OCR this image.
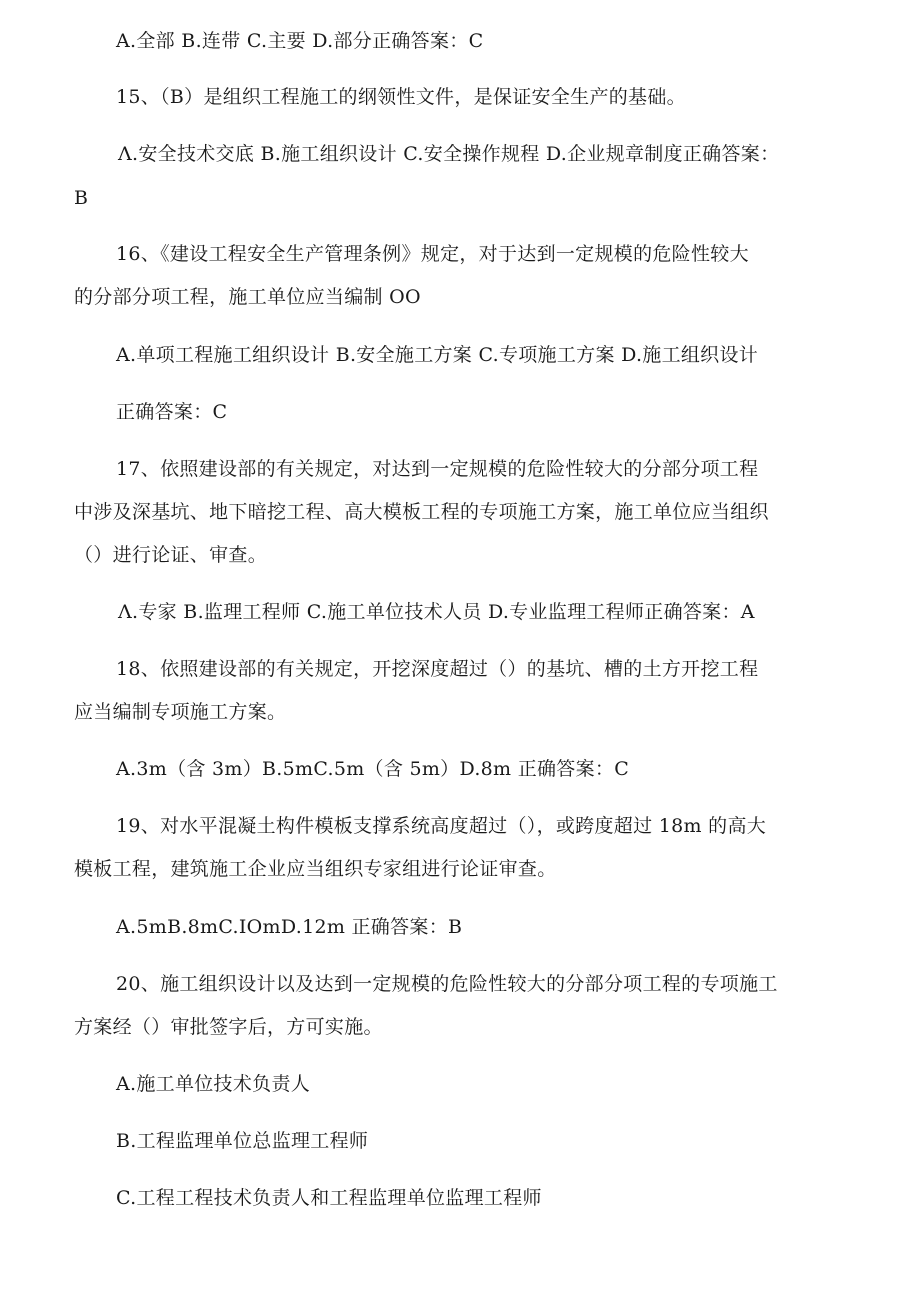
A.全部 B.连带 C.主要 D.部分正确答案：C
15、（B）是组织工程施工的纲领性文件，是保证安全生产的基础。
Λ.安全技术交底 B.施工组织设计 C.安全操作规程 D.企业规章制度正确答案：
B
16、《建设工程安全生产管理条例》规定，对于达到一定规模的危险性较大
的分部分项工程，施工单位应当编制 OO
A.单项工程施工组织设计 B.安全施工方案 C.专项施工方案 D.施工组织设计
正确答案：C
17、依照建设部的有关规定，对达到一定规模的危险性较大的分部分项工程
中涉及深基坑、地下暗挖工程、高大模板工程的专项施工方案，施工单位应当组织
（）进行论证、审查。
Λ.专家 B.监理工程师 C.施工单位技术人员 D.专业监理工程师正确答案：A
18、依照建设部的有关规定，开挖深度超过（）的基坑、槽的土方开挖工程
应当编制专项施工方案。
A.3m（含 3m）B.5mC.5m（含 5m）D.8m 正确答案：C
19、对水平混凝土构件模板支撑系统高度超过（），或跨度超过 18m 的高大
模板工程，建筑施工企业应当组织专家组进行论证审查。
A.5mB.8mC.IOmD.12m 正确答案：B
20、施工组织设计以及达到一定规模的危险性较大的分部分项工程的专项施工
方案经（）审批签字后，方可实施。
A.施工单位技术负责人
B.工程监理单位总监理工程师
C.工程工程技术负责人和工程监理单位监理工程师
